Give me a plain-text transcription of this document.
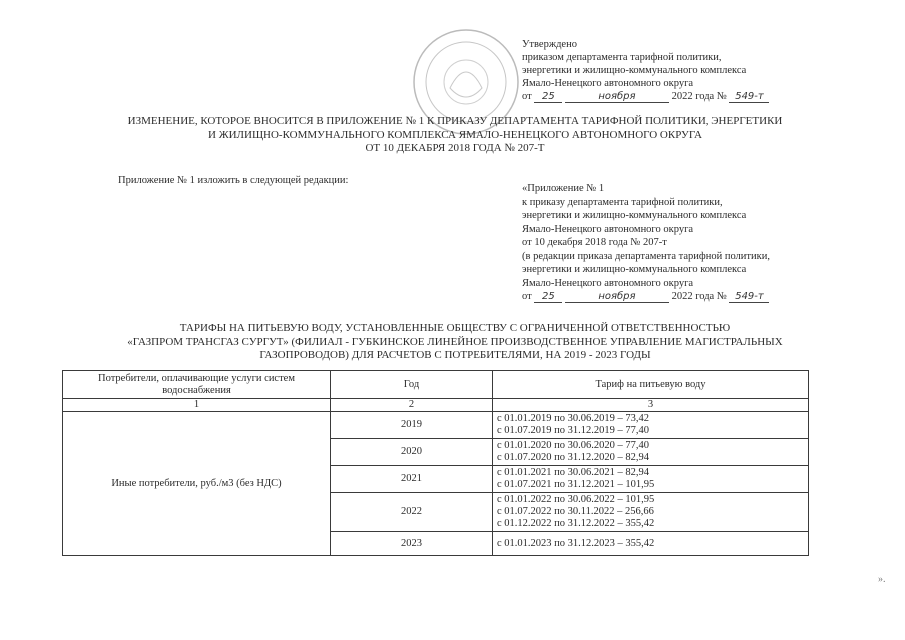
Утверждено
приказом департамента тарифной политики,
энергетики и жилищно-коммунального комплекса
Ямало-Ненецкого автономного округа
от 25	ноября	2022 года № 549-т
ИЗМЕНЕНИЕ, КОТОРОЕ ВНОСИТСЯ В ПРИЛОЖЕНИЕ № 1 К ПРИКАЗУ ДЕПАРТАМЕНТА ТАРИФНОЙ ПОЛИТИКИ, ЭНЕРГЕТИКИ
И ЖИЛИЩНО-КОММУНАЛЬНОГО КОМПЛЕКСА ЯМАЛО-НЕНЕЦКОГО АВТОНОМНОГО ОКРУГА
ОТ 10 ДЕКАБРЯ 2018 ГОДА № 207-Т
Приложение № 1 изложить в следующей редакции:
«Приложение № 1
к приказу департамента тарифной политики,
энергетики и жилищно-коммунального комплекса
Ямало-Ненецкого автономного округа
от 10 декабря 2018 года № 207-т
(в редакции приказа департамента тарифной политики,
энергетики и жилищно-коммунального комплекса
Ямало-Ненецкого автономного округа
от 25	ноября	2022 года № 549-т
ТАРИФЫ НА ПИТЬЕВУЮ ВОДУ, УСТАНОВЛЕННЫЕ ОБЩЕСТВУ С ОГРАНИЧЕННОЙ ОТВЕТСТВЕННОСТЬЮ
«ГАЗПРОМ ТРАНСГАЗ СУРГУТ» (ФИЛИАЛ - ГУБКИНСКОЕ ЛИНЕЙНОЕ ПРОИЗВОДСТВЕННОЕ УПРАВЛЕНИЕ МАГИСТРАЛЬНЫХ
ГАЗОПРОВОДОВ) ДЛЯ РАСЧЕТОВ С ПОТРЕБИТЕЛЯМИ, НА 2019 - 2023 ГОДЫ
Потребители, оплачивающие услуги систем водоснабжения	Год	Тариф на питьевую воду
1	2	3
Иные потребители, руб./м3 (без НДС)	2019	с 01.01.2019 по 30.06.2019 – 73,42
с 01.07.2019 по 31.12.2019 – 77,40

	2020	с 01.01.2020 по 30.06.2020 – 77,40
с 01.07.2020 по 31.12.2020 – 82,94

	2021	с 01.01.2021 по 30.06.2021 – 82,94
с 01.07.2021 по 31.12.2021 – 101,95

	2022	с 01.01.2022 по 30.06.2022 – 101,95
с 01.07.2022 по 30.11.2022 – 256,66
с 01.12.2022 по 31.12.2022 – 355,42

	2023	с 01.01.2023 по 31.12.2023 – 355,42
».
